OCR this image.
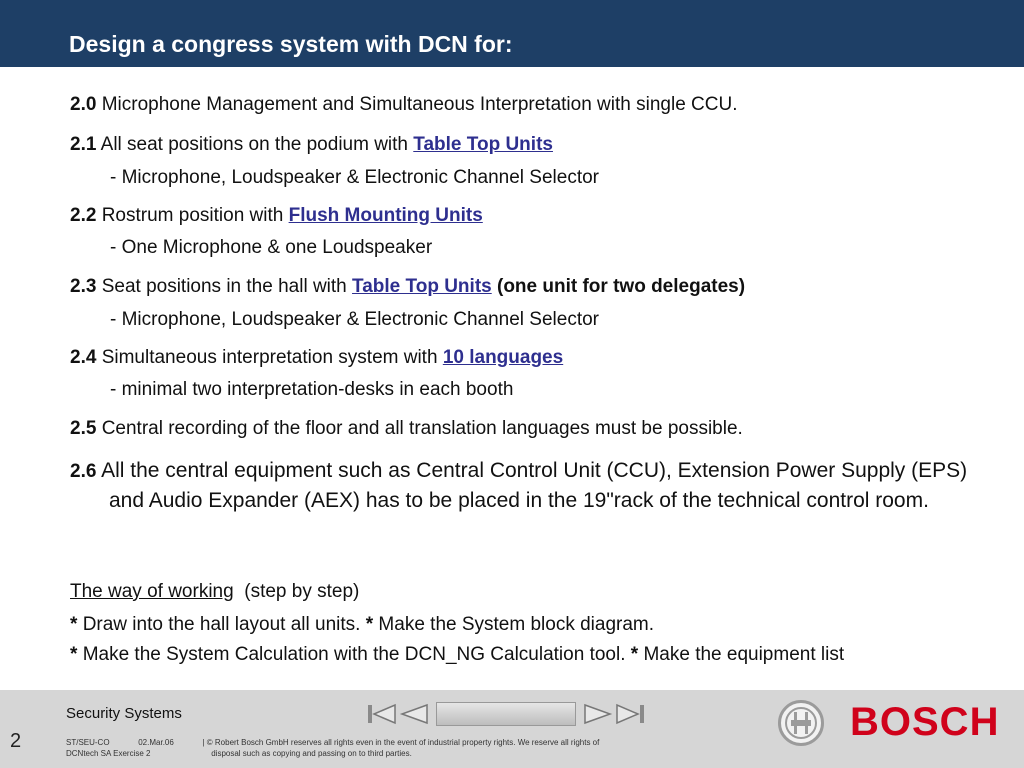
Design a congress system with DCN for:
2.0 Microphone Management and Simultaneous Interpretation with single CCU.
2.1 All seat positions on the podium with Table Top Units
- Microphone, Loudspeaker & Electronic Channel Selector
2.2 Rostrum position with Flush Mounting Units
- One Microphone & one Loudspeaker
2.3 Seat positions in the hall with Table Top Units (one unit for two delegates)
- Microphone, Loudspeaker & Electronic Channel Selector
2.4 Simultaneous interpretation system with 10 languages
- minimal two interpretation-desks in each booth
2.5 Central recording of the floor and all translation languages must be possible.
2.6 All the central equipment such as Central Control Unit (CCU), Extension Power Supply (EPS) and Audio Expander (AEX) has to be placed in the 19"rack of the technical control room.
The way of working (step by step)
* Draw into the hall layout all units. * Make the System block diagram.
* Make the System Calculation with the DCN_NG Calculation tool. * Make the equipment list
2
Security Systems
ST/SEU-CO	02.Mar.06	| © Robert Bosch GmbH reserves all rights even in the event of industrial property rights. We reserve all rights of
DCNtech SA Exercise 2	disposal such as copying and passing on to third parties.
BOSCH
